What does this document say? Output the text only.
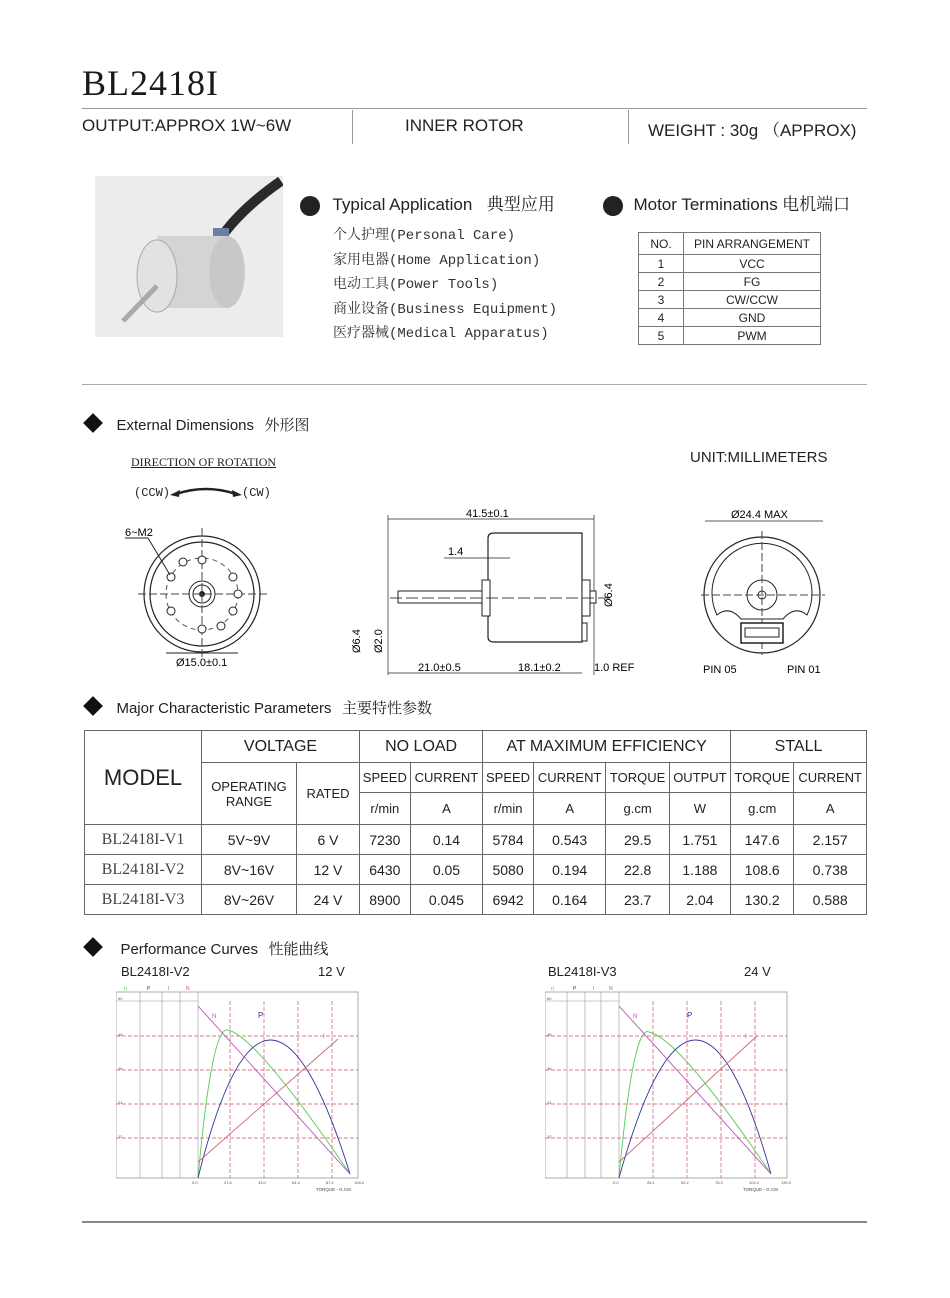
BL2418I
OUTPUT:APPROX 1W~6W	INNER ROTOR	WEIGHT : 30g （APPROX)
Typical Application 典型应用
个人护理(Personal Care)
家用电器(Home Application)
电动工具(Power Tools)
商业设备(Business Equipment)
医疗器械(Medical Apparatus)
Motor Terminations 电机端口
NO.	PIN ARRANGEMENT
1	VCC
2	FG
3	CW/CCW
4	GND
5	PWM
External Dimensions 外形图
DIRECTION OF ROTATION
(CCW)	(CW)
UNIT:MILLIMETERS
6~M2
Ø15.0±0.1
41.5±0.1
1.4
Ø6.4
Ø6.4 Ø2.0
21.0±0.5	18.1±0.2	1.0 REF
Ø24.4 MAX
PIN 05	PIN 01
Major Characteristic Parameters 主要特性参数
MODEL	VOLTAGE		NO LOAD		AT MAXIMUM EFFICIENCY				STALL	
	OPERATING RANGE	RATED	SPEED	CURRENT	SPEED	CURRENT	TORQUE	OUTPUT	TORQUE	CURRENT
			r/min	A	r/min	A	g.cm	W	g.cm	A
BL2418I-V1	5V~9V	6 V	7230	0.14	5784	0.543	29.5	1.751	147.6	2.157
BL2418I-V2	8V~16V	12 V	6430	0.05	5080	0.194	22.8	1.188	108.6	0.738
BL2418I-V3	8V~26V	24 V	8900	0.045	6942	0.164	23.7	2.04	130.2	0.588
Performance Curves 性能曲线
BL2418I-V2	12 V
η	P	I	N
P
N
I
48
36
24
12
60
0.0	21.6	43.0	64.4	87.2	108.0
TORQUE - G.CM
BL2418I-V3	24 V
η	P	I	N
P
N
I
48
36
24
12
60
0.0	26.1	52.2	78.3	104.4	130.5
TORQUE - G.CM
